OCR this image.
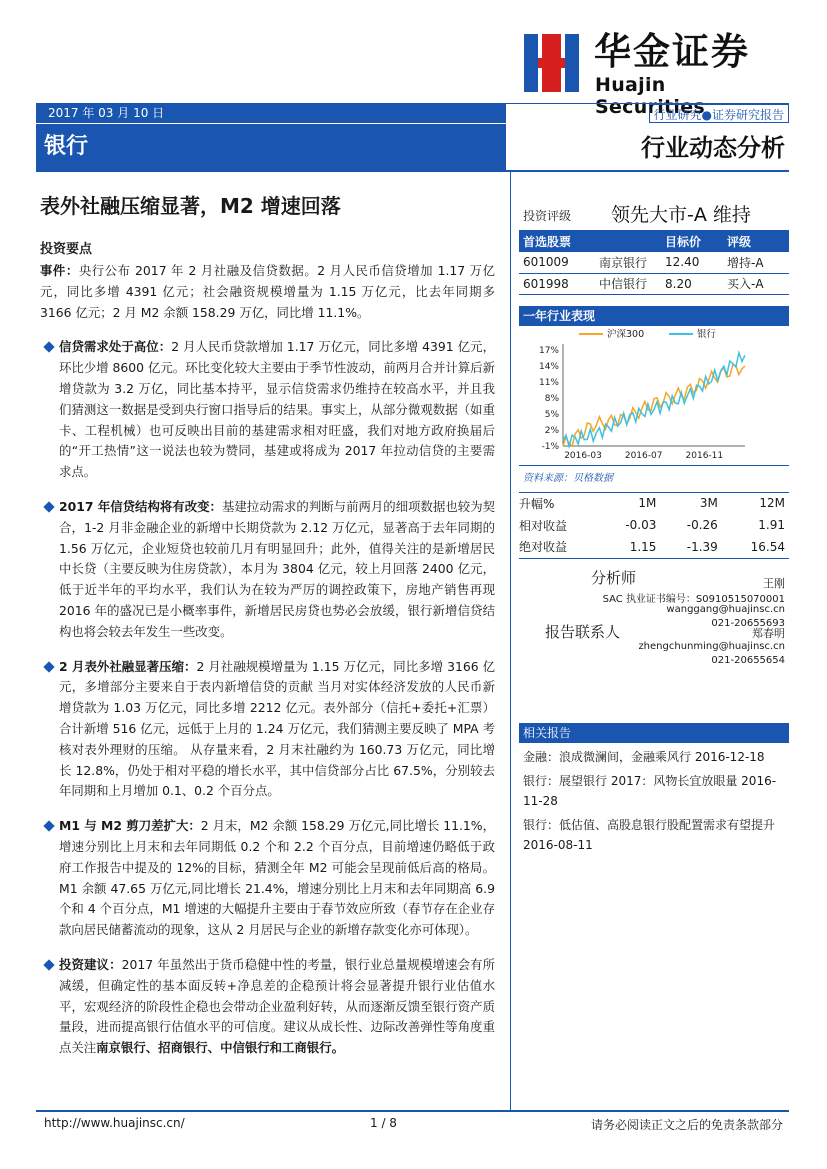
华金证券
Huajin Securities
2017 年 03 月 10 日	行业研究●证券研究报告
银行	行业动态分析
表外社融压缩显著，M2 增速回落
投资要点
事件：央行公布 2017 年 2 月社融及信贷数据。2 月人民币信贷增加 1.17 万亿元，同比多增 4391 亿元；社会融资规模增量为 1.15 万亿元，比去年同期多 3166 亿元；2 月 M2 余额 158.29 万亿，同比增 11.1%。
信贷需求处于高位：2 月人民币贷款增加 1.17 万亿元，同比多增 4391 亿元，环比少增 8600 亿元。环比变化较大主要由于季节性波动，前两月合并计算后新增贷款为 3.2 万亿，同比基本持平，显示信贷需求仍维持在较高水平，并且我们猜测这一数据是受到央行窗口指导后的结果。事实上，从部分微观数据（如重卡、工程机械）也可反映出目前的基建需求相对旺盛，我们对地方政府换届后的“开工热情”这一说法也较为赞同，基建或将成为 2017 年拉动信贷的主要需求点。
2017 年信贷结构将有改变：基建拉动需求的判断与前两月的细项数据也较为契合，1-2 月非金融企业的新增中长期贷款为 2.12 万亿元，显著高于去年同期的 1.56 万亿元，企业短贷也较前几月有明显回升；此外，值得关注的是新增居民中长贷（主要反映为住房贷款），本月为 3804 亿元，较上月回落 2400 亿元，低于近半年的平均水平，我们认为在较为严厉的调控政策下，房地产销售再现 2016 年的盛况已是小概率事件，新增居民房贷也势必会放缓，银行新增信贷结构也将会较去年发生一些改变。
2 月表外社融显著压缩：2 月社融规模增量为 1.15 万亿元，同比多增 3166 亿元，多增部分主要来自于表内新增信贷的贡献 当月对实体经济发放的人民币新增贷款为 1.03 万亿元，同比多增 2212 亿元。表外部分（信托+委托+汇票）合计新增 516 亿元，远低于上月的 1.24 万亿元，我们猜测主要反映了 MPA 考核对表外理财的压缩。 从存量来看，2 月末社融约为 160.73 万亿元，同比增长 12.8%，仍处于相对平稳的增长水平，其中信贷部分占比 67.5%，分别较去年同期和上月增加 0.1、0.2 个百分点。
M1 与 M2 剪刀差扩大：2 月末，M2 余额 158.29 万亿元,同比增长 11.1%，增速分别比上月末和去年同期低 0.2 个和 2.2 个百分点，目前增速仍略低于政府工作报告中提及的 12%的目标，猜测全年 M2 可能会呈现前低后高的格局。M1 余额 47.65 万亿元,同比增长 21.4%，增速分别比上月末和去年同期高 6.9 个和 4 个百分点，M1 增速的大幅提升主要由于春节效应所致（春节存在企业存款向居民储蓄流动的现象，这从 2 月居民与企业的新增存款变化亦可体现）。
投资建议：2017 年虽然出于货币稳健中性的考量，银行业总量规模增速会有所减缓，但确定性的基本面反转+净息差的企稳预计将会显著提升银行业估值水平，宏观经济的阶段性企稳也会带动企业盈利好转，从而逐渐反馈至银行资产质量段，进而提高银行估值水平的可信度。建议从成长性、边际改善弹性等角度重点关注南京银行、招商银行、中信银行和工商银行。
投资评级 领先大市-A 维持
首选股票		目标价	评级
601009	南京银行	12.40	增持-A
601998	中信银行	8.20	买入-A
一年行业表现
17%
14%
11%
8%
5%
2%
-1%
2016-03	2016-07	2016-11
沪深300	银行
资料来源：贝格数据
升幅%	1M	3M	12M
相对收益	-0.03	-0.26	1.91
绝对收益	1.15	-1.39	16.54
分析师	王刚
SAC 执业证书编号：S0910515070001
wanggang@huajinsc.cn
021-20655693
报告联系人	郑春明
zhengchunming@huajinsc.cn
021-20655654
相关报告
金融：浪成微澜间，金融乘风行 2016-12-18
银行：展望银行 2017：风物长宜放眼量 2016-11-28
银行：低估值、高股息银行股配置需求有望提升 2016-08-11
http://www.huajinsc.cn/	1 / 8	请务必阅读正文之后的免责条款部分
